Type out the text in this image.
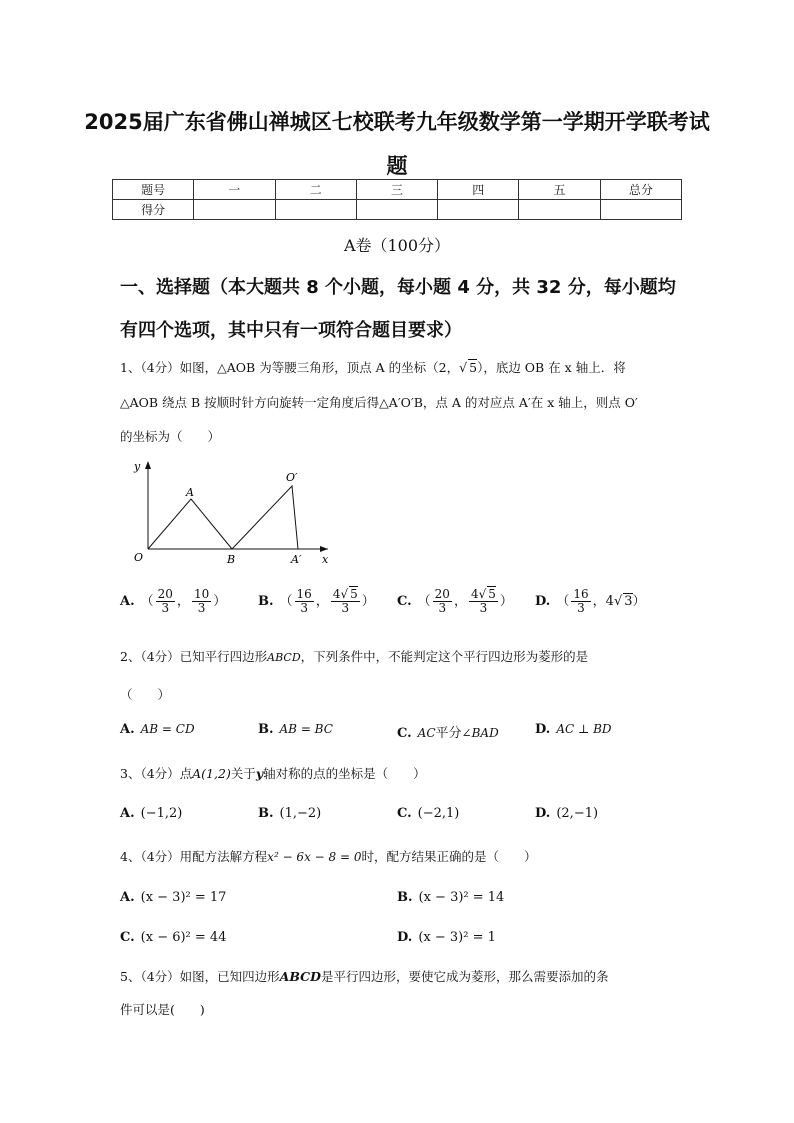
2025届广东省佛山禅城区七校联考九年级数学第一学期开学联考试
题
题号	一	二	三	四	五	总分
得分						
A卷（100分）
一、选择题（本大题共 8 个小题，每小题 4 分，共 32 分，每小题均
有四个选项，其中只有一项符合题目要求）
1、（4分）如图，△AOB 为等腰三角形，顶点 A 的坐标（2，√ 5），底边 OB 在 x 轴上．将
△AOB 绕点 B 按顺时针方向旋转一定角度后得△A′O′B，点 A 的对应点 A′在 x 轴上，则点 O′
的坐标为（　　）
y
x
O
A
B
O′
A′
A. （ $\frac{20}{3}$ ， $\frac{10}{3}$ ） B. （ $\frac{16}{3}$ ， $\frac{4√ 5}{3}$ ） C. （ $\frac{20}{3}$ ， $\frac{4√ 5}{3}$ ） D. （ $\frac{16}{3}$ ，4√ 3）
2、（4分）已知平行四边形ABCD，下列条件中，不能判定这个平行四边形为菱形的是
（　　）
A. AB = CD	B. AB = BC	C. AC平分∠BAD	D. AC ⊥ BD
3、（4分）点A(1,2)关于y轴对称的点的坐标是（　　）
A. (−1,2)	B. (1,−2)	C. (−2,1)	D. (2,−1)
4、（4分）用配方法解方程x² − 6x − 8 = 0时，配方结果正确的是（　　）
A. (x − 3)² = 17	B. (x − 3)² = 14
C. (x − 6)² = 44	D. (x − 3)² = 1
5、（4分）如图，已知四边形ABCD是平行四边形，要使它成为菱形，那么需要添加的条
件可以是(　　)
